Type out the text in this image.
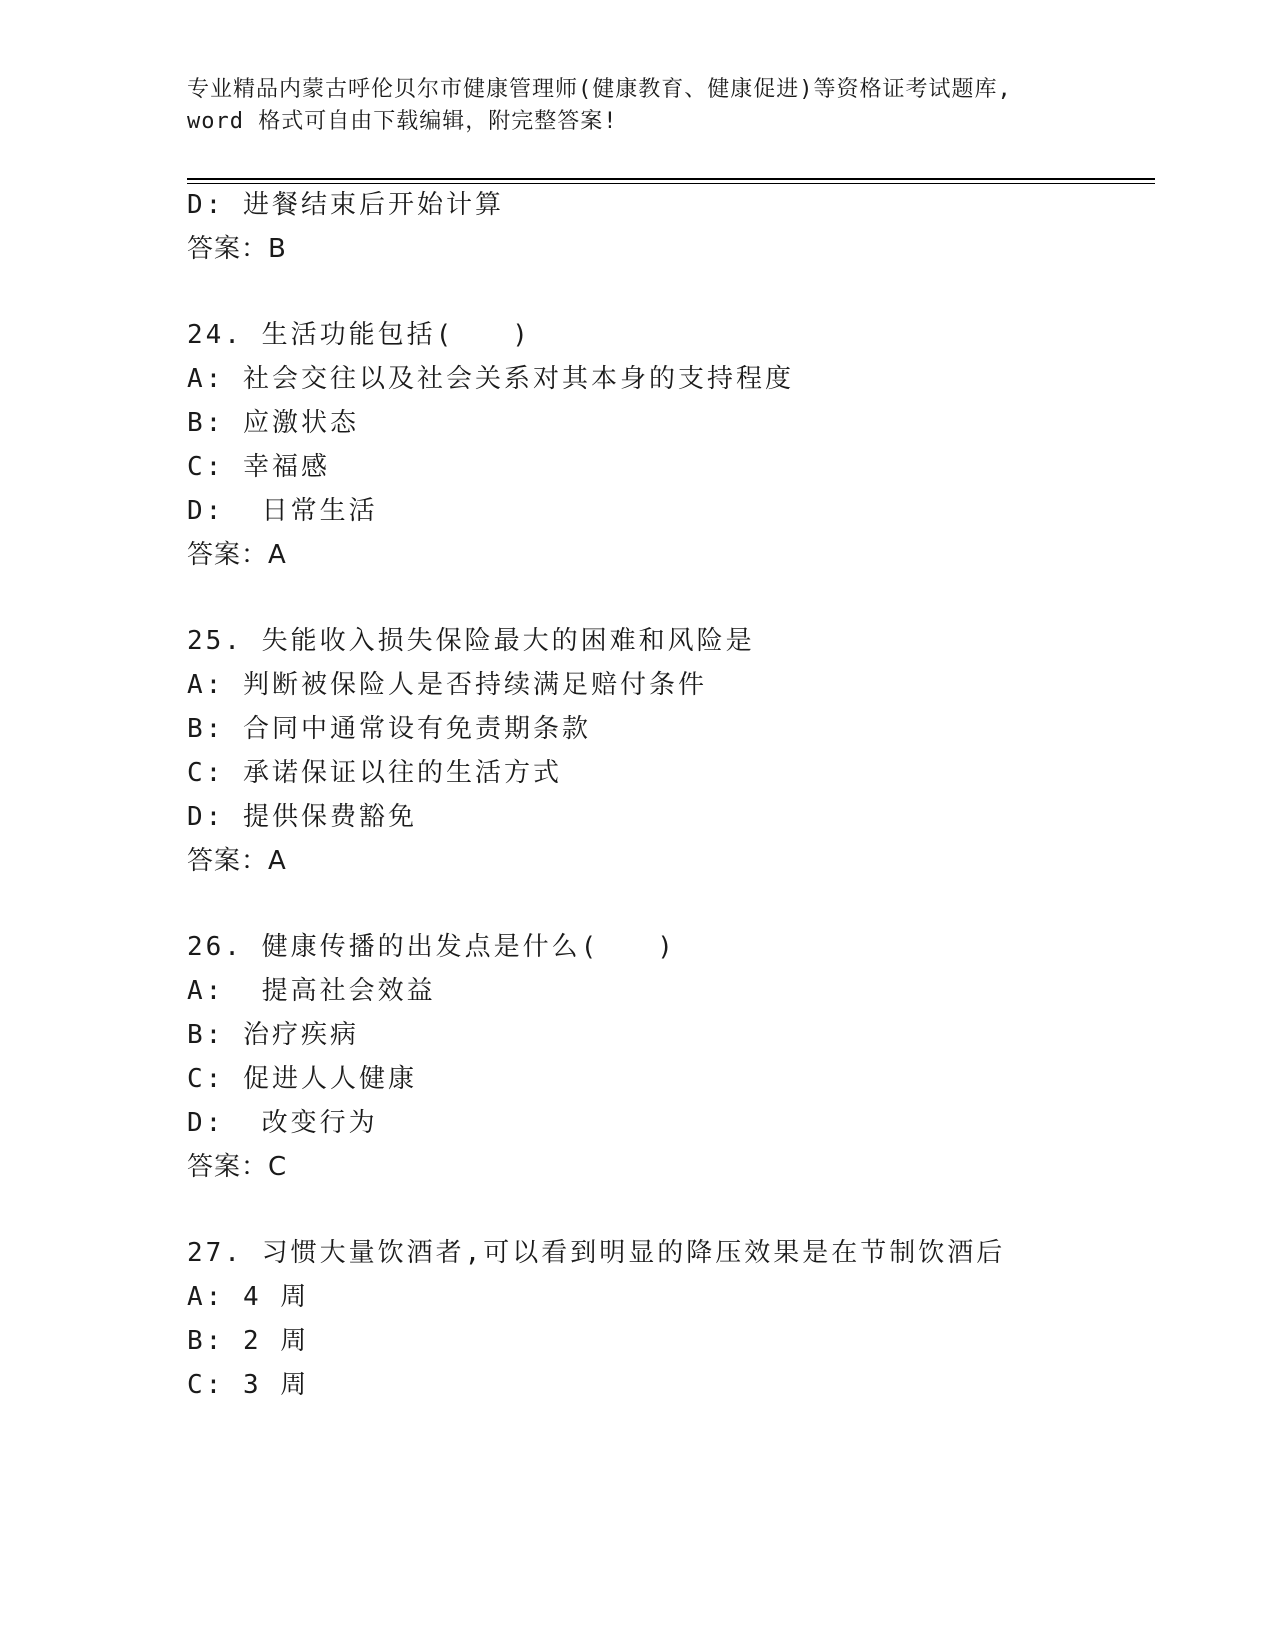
专业精品内蒙古呼伦贝尔市健康管理师(健康教育、健康促进)等资格证考试题库,
word 格式可自由下载编辑，附完整答案!
D: 进餐结束后开始计算
答案：B
24. 生活功能包括(　　)
A: 社会交往以及社会关系对其本身的支持程度
B: 应激状态
C: 幸福感
D:  日常生活
答案：A
25. 失能收入损失保险最大的困难和风险是
A: 判断被保险人是否持续满足赔付条件
B: 合同中通常设有免责期条款
C: 承诺保证以往的生活方式
D: 提供保费豁免
答案：A
26. 健康传播的出发点是什么(　　)
A:  提高社会效益
B: 治疗疾病
C: 促进人人健康
D:  改变行为
答案：C
27. 习惯大量饮酒者,可以看到明显的降压效果是在节制饮酒后
A: 4 周
B: 2 周
C: 3 周
